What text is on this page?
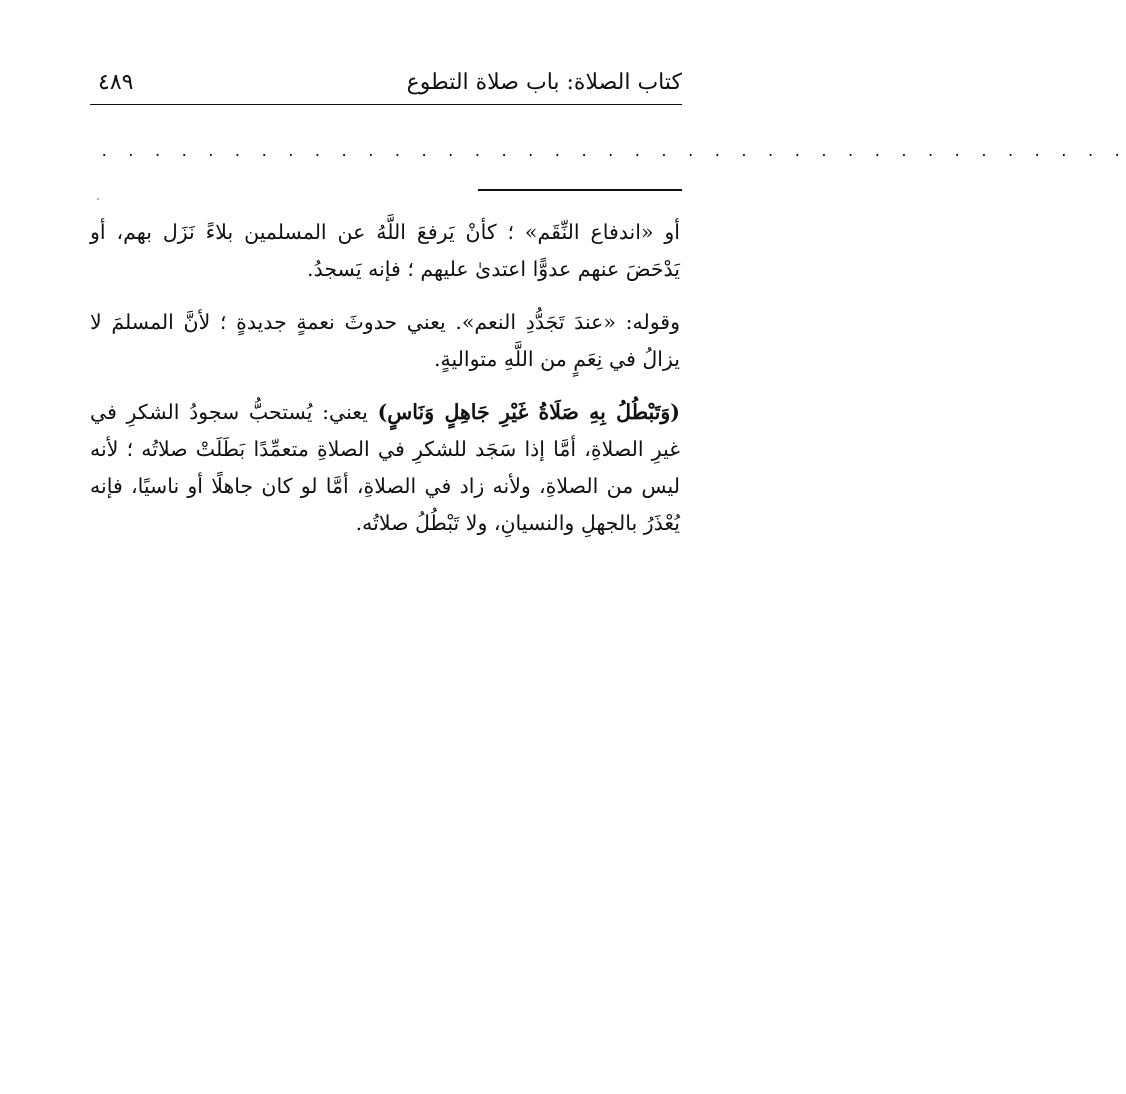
كتاب الصلاة: باب صلاة التطوع
٤٨٩
. . . . . . . . . . . . . . . . . . . . . . . . . . . . . . . . . . . . . . .

أو «اندفاع النِّقَم» ؛ كأنْ يَرفعَ اللَّهُ عن المسلمين بلاءً نَزَل بهم، أو يَدْحَضَ عنهم عدوًّا اعتدىٰ عليهم ؛ فإنه يَسجدُ.

وقوله: «عندَ تَجَدُّدِ النعم». يعني حدوثَ نعمةٍ جديدةٍ ؛ لأنَّ المسلمَ لا يزالُ في نِعَمٍ من اللَّهِ متواليةٍ.

(وَتَبْطُلُ بِهِ صَلَاةُ غَيْرِ جَاهِلٍ وَنَاسٍ) يعني: يُستحبُّ سجودُ الشكرِ في غيرِ الصلاةِ، أمَّا إذا سَجَد للشكرِ في الصلاةِ متعمِّدًا بَطَلَتْ صلاتُه ؛ لأنه ليس من الصلاةِ، ولأنه زاد في الصلاةِ، أمَّا لو كان جاهلًا أو ناسيًا، فإنه يُعْذَرُ بالجهلِ والنسيانِ، ولا تَبْطُلُ صلاتُه.
